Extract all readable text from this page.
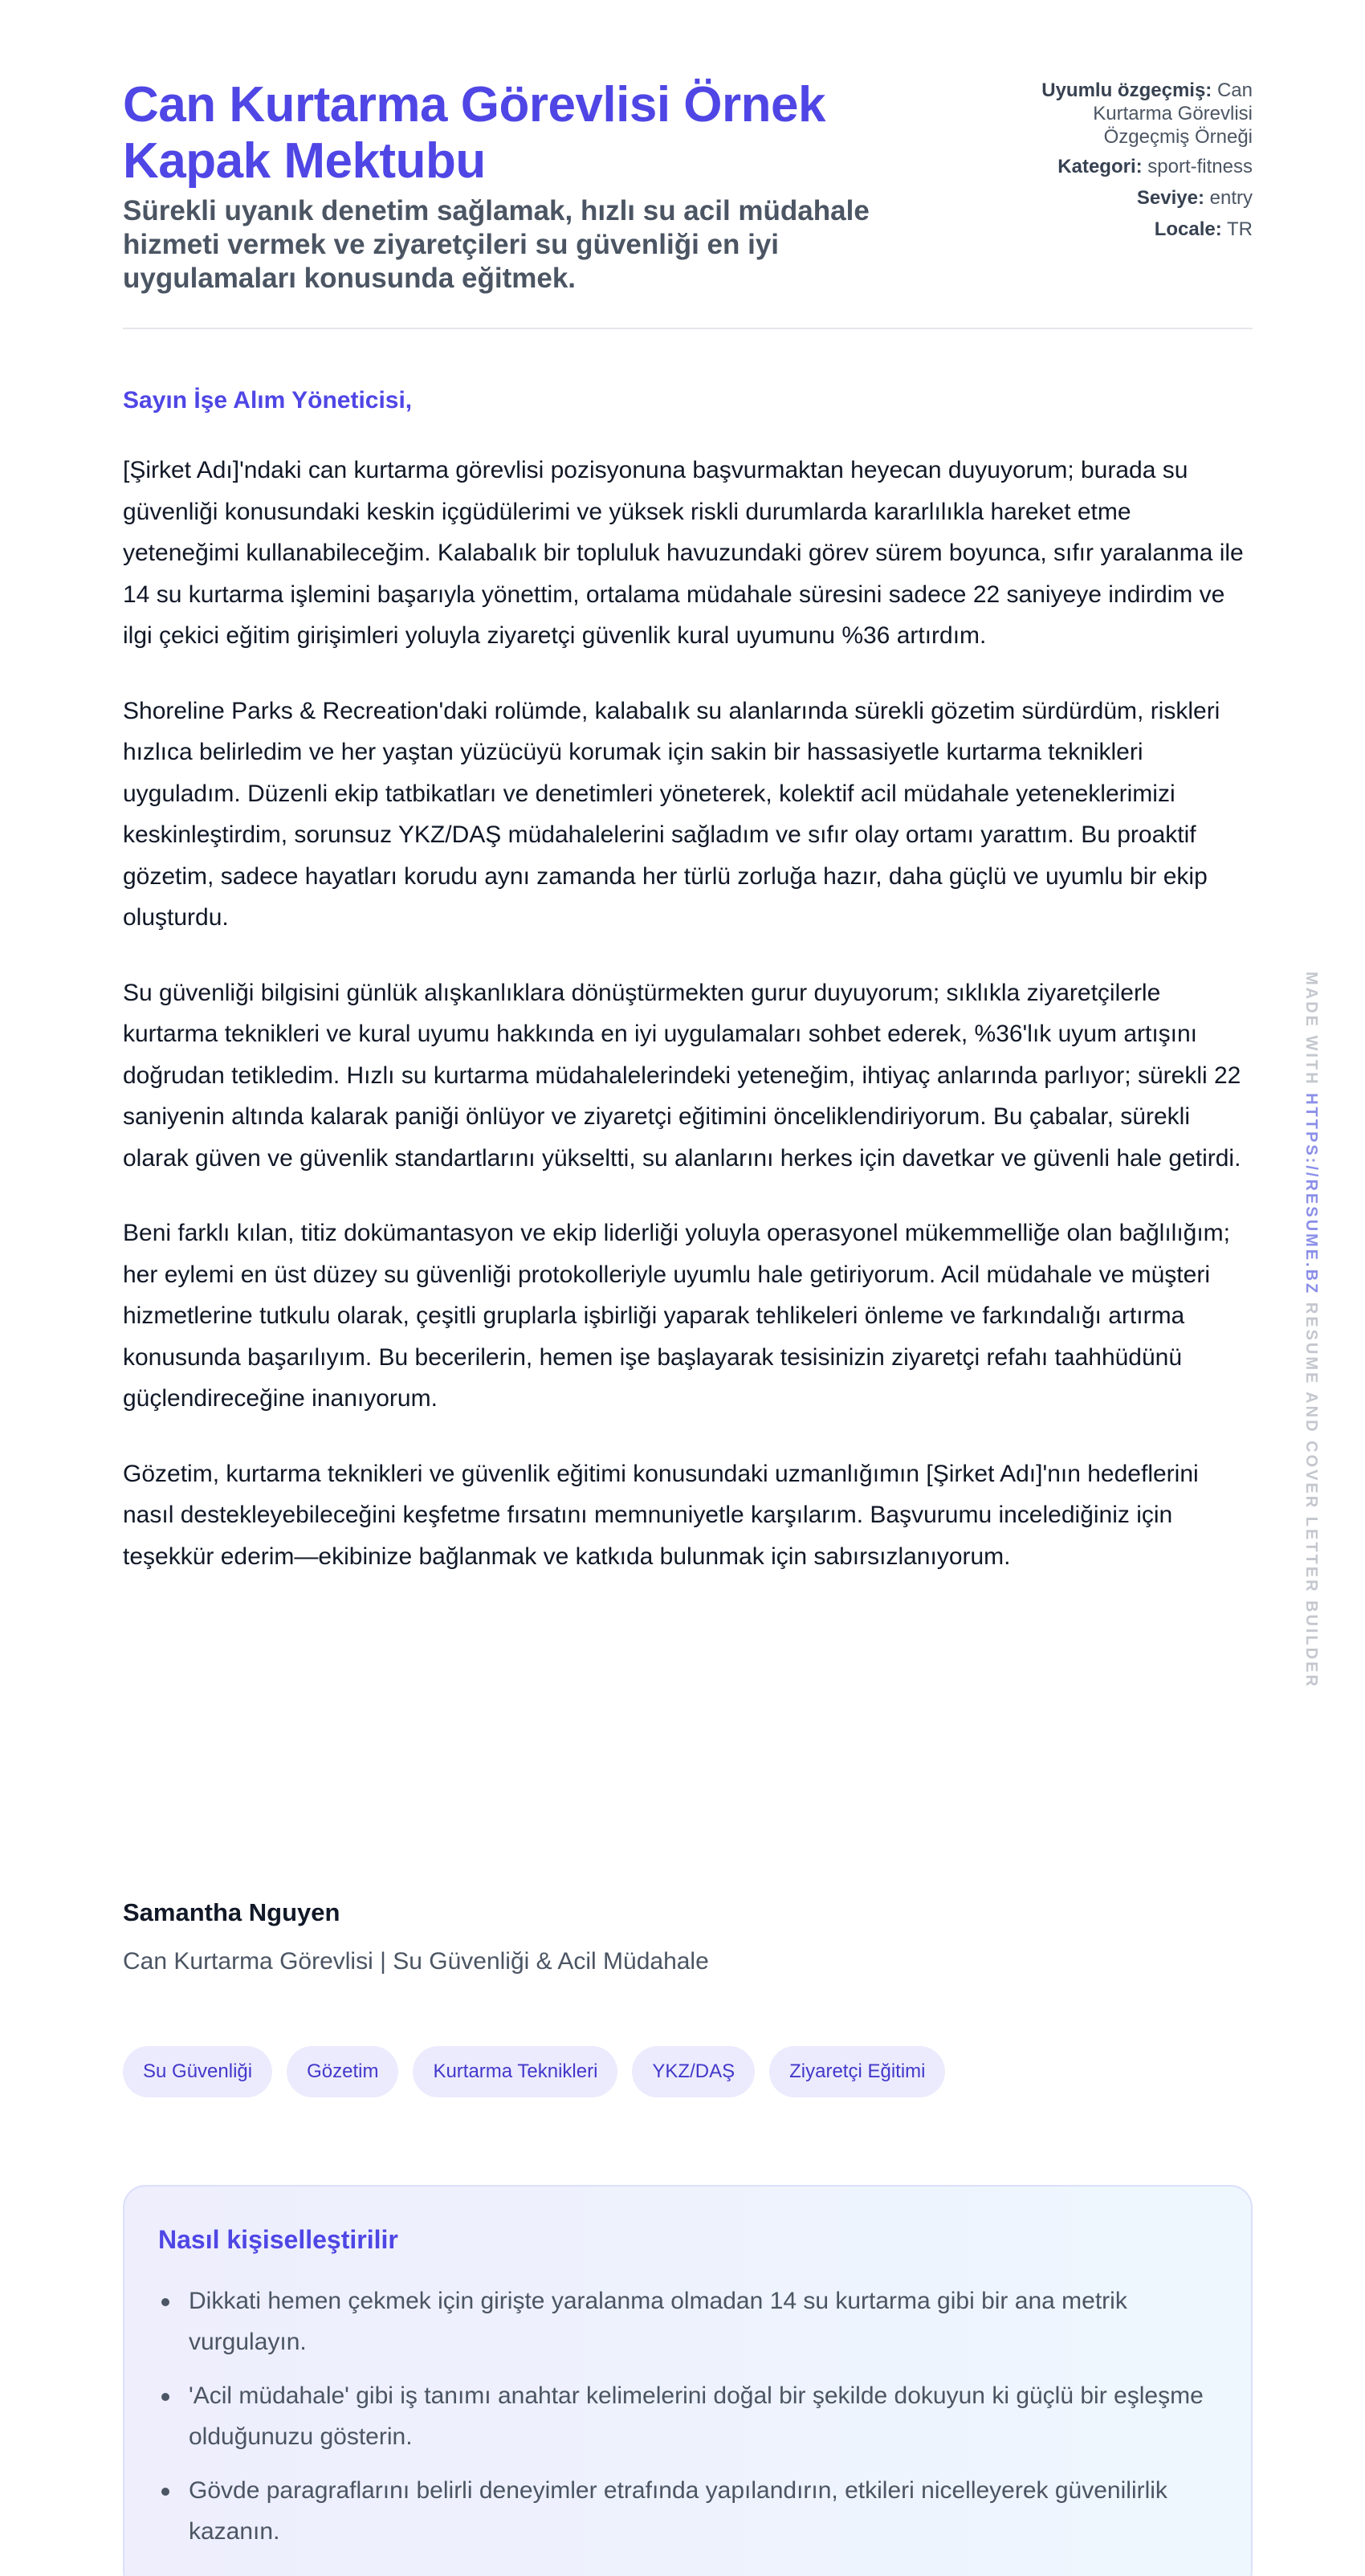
Can Kurtarma Görevlisi Örnek Kapak Mektubu
Sürekli uyanık denetim sağlamak, hızlı su acil müdahale hizmeti vermek ve ziyaretçileri su güvenliği en iyi uygulamaları konusunda eğitmek.
Uyumlu özgeçmiş: Can Kurtarma Görevlisi Özgeçmiş Örneği
Kategori: sport-fitness
Seviye: entry
Locale: TR
Sayın İşe Alım Yöneticisi,

[Şirket Adı]'ndaki can kurtarma görevlisi pozisyonuna başvurmaktan heyecan duyuyorum; burada su güvenliği konusundaki keskin içgüdülerimi ve yüksek riskli durumlarda kararlılıkla hareket etme yeteneğimi kullanabileceğim. Kalabalık bir topluluk havuzundaki görev sürem boyunca, sıfır yaralanma ile 14 su kurtarma işlemini başarıyla yönettim, ortalama müdahale süresini sadece 22 saniyeye indirdim ve ilgi çekici eğitim girişimleri yoluyla ziyaretçi güvenlik kural uyumunu %36 artırdım.

Shoreline Parks & Recreation'daki rolümde, kalabalık su alanlarında sürekli gözetim sürdürdüm, riskleri hızlıca belirledim ve her yaştan yüzücüyü korumak için sakin bir hassasiyetle kurtarma teknikleri uyguladım. Düzenli ekip tatbikatları ve denetimleri yöneterek, kolektif acil müdahale yeteneklerimizi keskinleştirdim, sorunsuz YKZ/DAŞ müdahalelerini sağladım ve sıfır olay ortamı yarattım. Bu proaktif gözetim, sadece hayatları korudu aynı zamanda her türlü zorluğa hazır, daha güçlü ve uyumlu bir ekip oluşturdu.

Su güvenliği bilgisini günlük alışkanlıklara dönüştürmekten gurur duyuyorum; sıklıkla ziyaretçilerle kurtarma teknikleri ve kural uyumu hakkında en iyi uygulamaları sohbet ederek, %36'lık uyum artışını doğrudan tetikledim. Hızlı su kurtarma müdahalelerindeki yeteneğim, ihtiyaç anlarında parlıyor; sürekli 22 saniyenin altında kalarak paniği önlüyor ve ziyaretçi eğitimini önceliklendiriyorum. Bu çabalar, sürekli olarak güven ve güvenlik standartlarını yükseltti, su alanlarını herkes için davetkar ve güvenli hale getirdi.

Beni farklı kılan, titiz dokümantasyon ve ekip liderliği yoluyla operasyonel mükemmelliğe olan bağlılığım; her eylemi en üst düzey su güvenliği protokolleriyle uyumlu hale getiriyorum. Acil müdahale ve müşteri hizmetlerine tutkulu olarak, çeşitli gruplarla işbirliği yaparak tehlikeleri önleme ve farkındalığı artırma konusunda başarılıyım. Bu becerilerin, hemen işe başlayarak tesisinizin ziyaretçi refahı taahhüdünü güçlendireceğine inanıyorum.

Gözetim, kurtarma teknikleri ve güvenlik eğitimi konusundaki uzmanlığımın [Şirket Adı]'nın hedeflerini nasıl destekleyebileceğini keşfetme fırsatını memnuniyetle karşılarım. Başvurumu incelediğiniz için teşekkür ederim—ekibinize bağlanmak ve katkıda bulunmak için sabırsızlanıyorum.

Samantha Nguyen
Can Kurtarma Görevlisi | Su Güvenliği & Acil Müdahale
Su Güvenliği	Gözetim	Kurtarma Teknikleri	YKZ/DAŞ	Ziyaretçi Eğitimi
Nasıl kişiselleştirilir
Dikkati hemen çekmek için girişte yaralanma olmadan 14 su kurtarma gibi bir ana metrik vurgulayın.
'Acil müdahale' gibi iş tanımı anahtar kelimelerini doğal bir şekilde dokuyun ki güçlü bir eşleşme olduğunuzu gösterin.
Gövde paragraflarını belirli deneyimler etrafında yapılandırın, etkileri nicelleyerek güvenilirlik kazanın.
MADE WITH HTTPS://RESUME.BZ RESUME AND COVER LETTER BUILDER
